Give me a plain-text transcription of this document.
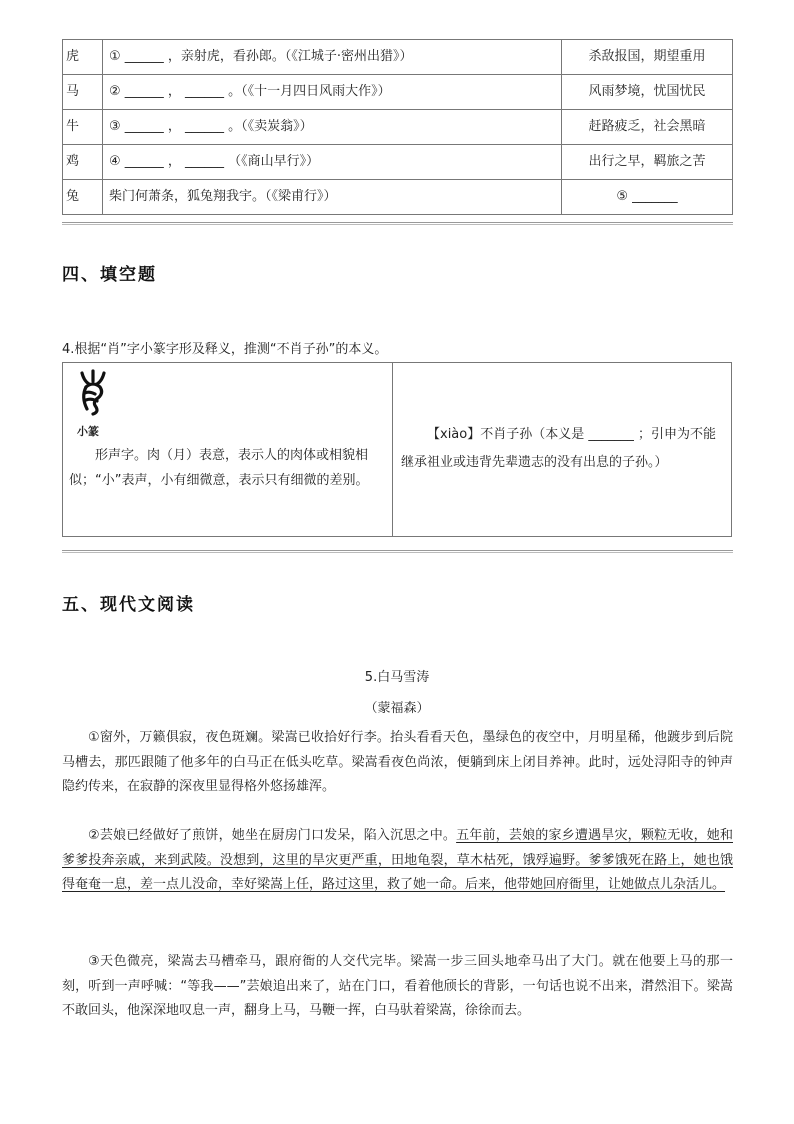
虎	① ______ ，亲射虎，看孙郎。（《江城子·密州出猎》）	杀敌报国，期望重用
马	② ______ ， ______ 。（《十一月四日风雨大作》）	风雨梦境，忧国忧民
牛	③ ______ ， ______ 。（《卖炭翁》）	赶路疲乏，社会黑暗
鸡	④ ______ ， ______ （《商山早行》）	出行之早，羁旅之苦
兔	柴门何萧条，狐兔翔我宇。（《梁甫行》）	⑤ _______
四、填空题
4.根据“肖”字小篆字形及释义，推测“不肖子孙”的本义。
小篆
形声字。肉（月）表意，表示人的肉体或相貌相似；“小”表声，小有细微意，表示只有细微的差别。
【xiào】不肖子孙（本义是 _______ ；引申为不能继承祖业或违背先辈遗志的没有出息的子孙。）
五、现代文阅读
5.白马雪涛
（蒙福森）
①窗外，万籁俱寂，夜色斑斓。梁嵩已收拾好行李。抬头看看天色，墨绿色的夜空中，月明星稀，他踱步到后院马槽去，那匹跟随了他多年的白马正在低头吃草。梁嵩看夜色尚浓，便躺到床上闭目养神。此时，远处浔阳寺的钟声隐约传来，在寂静的深夜里显得格外悠扬雄浑。
②芸娘已经做好了煎饼，她坐在厨房门口发呆，陷入沉思之中。五年前，芸娘的家乡遭遇旱灾，颗粒无收，她和爹爹投奔亲戚，来到武陵。没想到，这里的旱灾更严重，田地龟裂，草木枯死，饿殍遍野。爹爹饿死在路上，她也饿得奄奄一息，差一点儿没命，幸好梁嵩上任，路过这里，救了她一命。后来，他带她回府衙里，让她做点儿杂活儿。
③天色微亮，梁嵩去马槽牵马，跟府衙的人交代完毕。梁嵩一步三回头地牵马出了大门。就在他要上马的那一刻，听到一声呼喊：“等我——”芸娘追出来了，站在门口，看着他颀长的背影，一句话也说不出来，潸然泪下。梁嵩不敢回头，他深深地叹息一声，翻身上马，马鞭一挥，白马驮着梁嵩，徐徐而去。
